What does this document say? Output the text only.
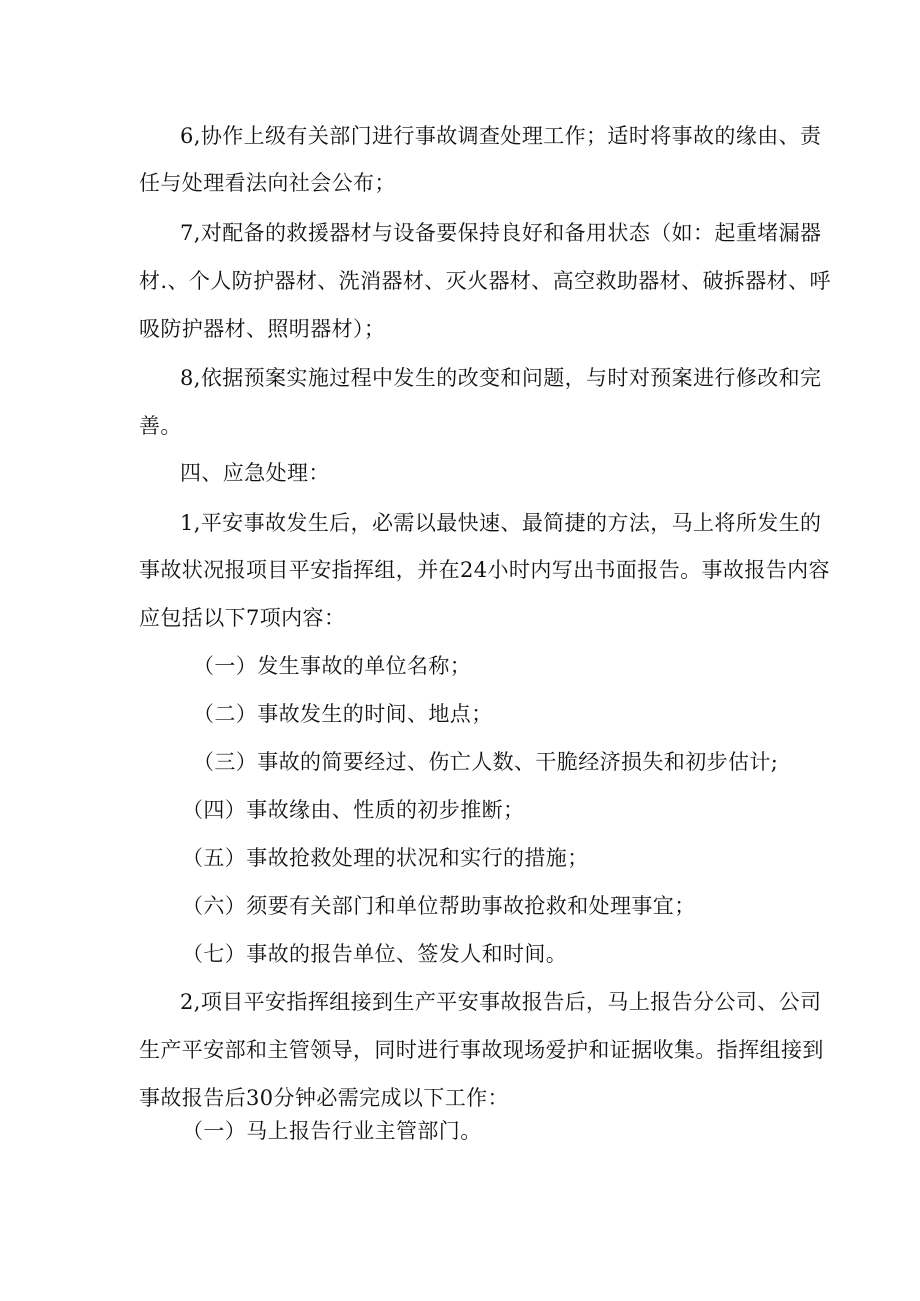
6,协作上级有关部门进行事故调查处理工作；适时将事故的缘由、责
任与处理看法向社会公布；
7,对配备的救援器材与设备要保持良好和备用状态（如：起重堵漏器
材.、个人防护器材、洗消器材、灭火器材、高空救助器材、破拆器材、呼
吸防护器材、照明器材）；
8,依据预案实施过程中发生的改变和问题，与时对预案进行修改和完
善。
四、应急处理：
1,平安事故发生后，必需以最快速、最简捷的方法，马上将所发生的
事故状况报项目平安指挥组，并在24小时内写出书面报告。事故报告内容
应包括以下7项内容：
（一）发生事故的单位名称；
（二）事故发生的时间、地点；
（三）事故的简要经过、伤亡人数、干脆经济损失和初步估计;
（四）事故缘由、性质的初步推断；
（五）事故抢救处理的状况和实行的措施；
（六）须要有关部门和单位帮助事故抢救和处理事宜；
（七）事故的报告单位、签发人和时间。
2,项目平安指挥组接到生产平安事故报告后，马上报告分公司、公司
生产平安部和主管领导，同时进行事故现场爱护和证据收集。指挥组接到
事故报告后30分钟必需完成以下工作：
（一）马上报告行业主管部门。
